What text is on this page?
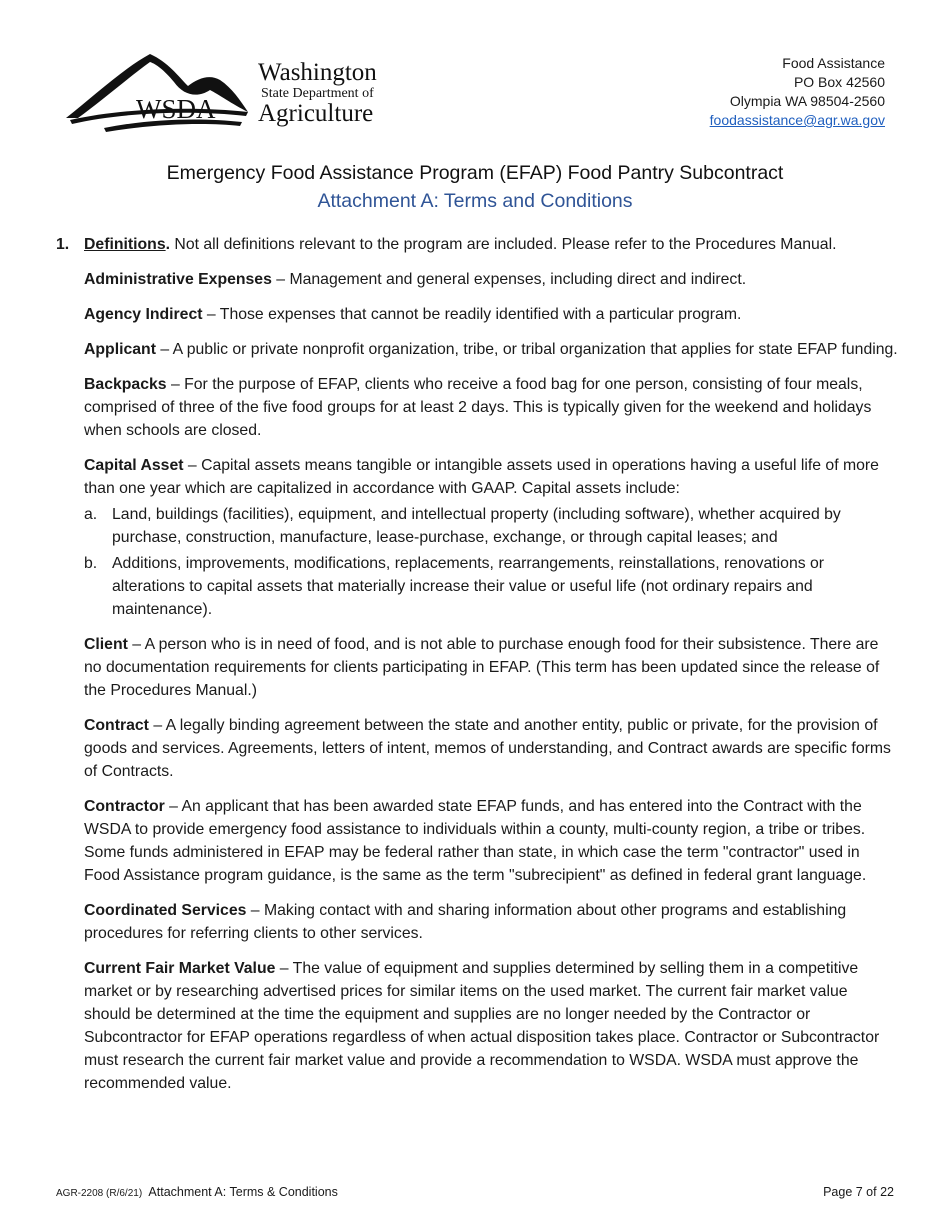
WSDA
Washington
State Department of
Agriculture
Food Assistance
PO Box 42560
Olympia WA 98504-2560
foodassistance@agr.wa.gov
Emergency Food Assistance Program (EFAP) Food Pantry Subcontract
Attachment A: Terms and Conditions
1. Definitions. Not all definitions relevant to the program are included. Please refer to the Procedures Manual.

Administrative Expenses – Management and general expenses, including direct and indirect.

Agency Indirect – Those expenses that cannot be readily identified with a particular program.

Applicant – A public or private nonprofit organization, tribe, or tribal organization that applies for state EFAP funding.

Backpacks – For the purpose of EFAP, clients who receive a food bag for one person, consisting of four meals, comprised of three of the five food groups for at least 2 days. This is typically given for the weekend and holidays when schools are closed.

Capital Asset – Capital assets means tangible or intangible assets used in operations having a useful life of more than one year which are capitalized in accordance with GAAP. Capital assets include:

a. Land, buildings (facilities), equipment, and intellectual property (including software), whether acquired by purchase, construction, manufacture, lease-purchase, exchange, or through capital leases; and
b. Additions, improvements, modifications, replacements, rearrangements, reinstallations, renovations or alterations to capital assets that materially increase their value or useful life (not ordinary repairs and maintenance).

Client – A person who is in need of food, and is not able to purchase enough food for their subsistence. There are no documentation requirements for clients participating in EFAP. (This term has been updated since the release of the Procedures Manual.)

Contract – A legally binding agreement between the state and another entity, public or private, for the provision of goods and services. Agreements, letters of intent, memos of understanding, and Contract awards are specific forms of Contracts.

Contractor – An applicant that has been awarded state EFAP funds, and has entered into the Contract with the WSDA to provide emergency food assistance to individuals within a county, multi-county region, a tribe or tribes. Some funds administered in EFAP may be federal rather than state, in which case the term "contractor" used in Food Assistance program guidance, is the same as the term "subrecipient" as defined in federal grant language.

Coordinated Services – Making contact with and sharing information about other programs and establishing procedures for referring clients to other services.

Current Fair Market Value – The value of equipment and supplies determined by selling them in a competitive market or by researching advertised prices for similar items on the used market. The current fair market value should be determined at the time the equipment and supplies are no longer needed by the Contractor or Subcontractor for EFAP operations regardless of when actual disposition takes place. Contractor or Subcontractor must research the current fair market value and provide a recommendation to WSDA. WSDA must approve the recommended value.

AGR-2208 (R/6/21) Attachment A: Terms & Conditions	Page 7 of 22
